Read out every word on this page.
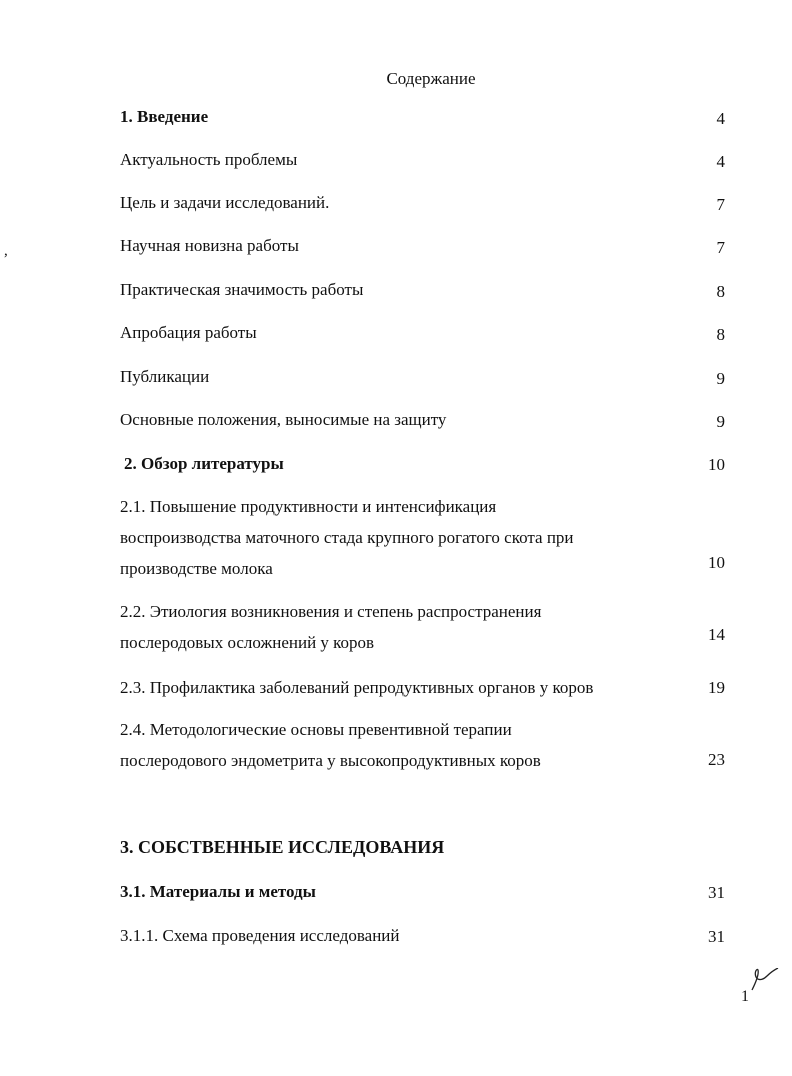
Содержание
,
1. Введение	4
Актуальность проблемы	4
Цель и задачи исследований.	7
Научная новизна работы	7
Практическая значимость работы	8
Апробация работы	8
Публикации	9
Основные положения, выносимые на защиту	9
2. Обзор литературы	10
2.1. Повышение продуктивности и интенсификация
воспроизводства маточного стада крупного рогатого скота при
производстве молока	10
2.2. Этиология возникновения и степень распространения
послеродовых осложнений у коров	14
2.3. Профилактика заболеваний репродуктивных органов у коров	19
2.4. Методологические основы превентивной терапии
послеродового эндометрита у высокопродуктивных коров	23
3. СОБСТВЕННЫЕ ИССЛЕДОВАНИЯ
3.1. Материалы и методы	31
3.1.1. Схема проведения исследований	31
1
